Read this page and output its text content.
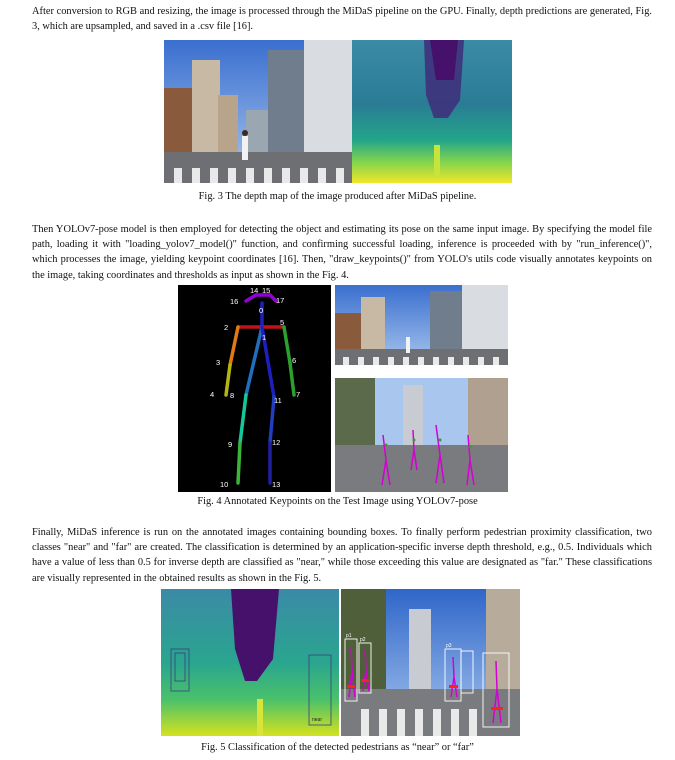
After conversion to RGB and resizing, the image is processed through the MiDaS pipeline on the GPU. Finally, depth predictions are generated, Fig. 3, which are upsampled, and saved in a .csv file [16].

Fig. 3 The depth map of the image produced after MiDaS pipeline.

Then YOLOv7-pose model is then employed for detecting the object and estimating its pose on the same input image. By specifying the model file path, loading it with "loading_yolov7_model()" function, and confirming successful loading, inference is proceeded with by "run_inference()", which processes the image, yielding keypoint coordinates [16]. Then, "draw_keypoints()" from YOLO's utils code visually annotates keypoints on the image, taking coordinates and thresholds as input as shown in the Fig. 4.

0
1
2
3
4
5
6
7
8
9
10
11
12
13
14 15
16	17

Fig. 4 Annotated Keypoints on the Test Image using YOLOv7-pose

Finally, MiDaS inference is run on the annotated images containing bounding boxes. To finally perform pedestrian proximity classification, two classes "near" and "far" are created. The classification is determined by an application-specific inverse depth threshold, e.g., 0.5. Individuals which have a value of less than 0.5 for inverse depth are classified as "near," while those exceeding this value are designated as "far." These classifications are visually represented in the obtained results as shown in the Fig. 5.

near
p1
p2
p3

Fig. 5 Classification of the detected pedestrians as “near” or “far”
